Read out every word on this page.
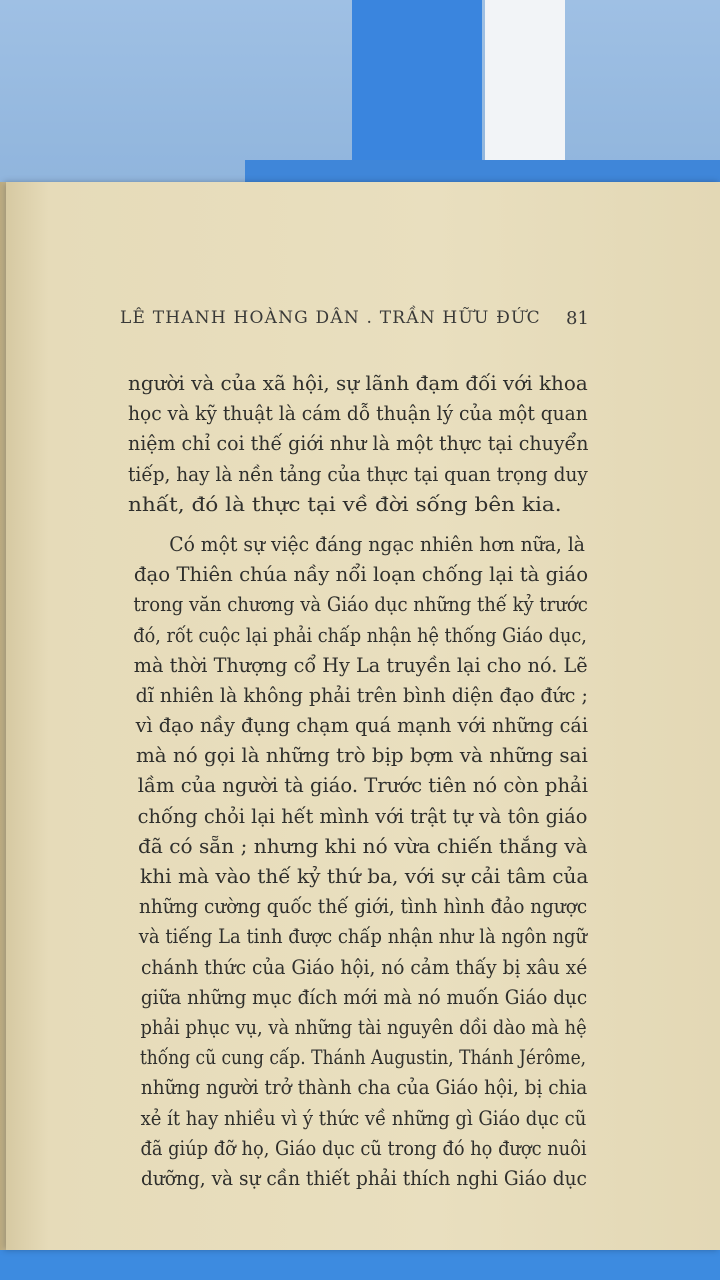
LÊ THANH HOÀNG DÂN . TRẦN HỮU ĐỨC 81
người và của xã hội, sự lãnh đạm đối với khoa
học và kỹ thuật là cám dỗ thuận lý của một quan
niệm chỉ coi thế giới như là một thực tại chuyển
tiếp, hay là nền tảng của thực tại quan trọng duy
nhất, đó là thực tại về đời sống bên kia.
Có một sự việc đáng ngạc nhiên hơn nữa, là
đạo Thiên chúa nầy nổi loạn chống lại tà giáo
trong văn chương và Giáo dục những thế kỷ trước
đó, rốt cuộc lại phải chấp nhận hệ thống Giáo dục,
mà thời Thượng cổ Hy La truyền lại cho nó. Lẽ
dĩ nhiên là không phải trên bình diện đạo đức ;
vì đạo nầy đụng chạm quá mạnh với những cái
mà nó gọi là những trò bịp bợm và những sai
lầm của người tà giáo. Trước tiên nó còn phải
chống chỏi lại hết mình với trật tự và tôn giáo
đã có sẵn ; nhưng khi nó vừa chiến thắng và
khi mà vào thế kỷ thứ ba, với sự cải tâm của
những cường quốc thế giới, tình hình đảo ngược
và tiếng La tinh được chấp nhận như là ngôn ngữ
chánh thức của Giáo hội, nó cảm thấy bị xâu xé
giữa những mục đích mới mà nó muốn Giáo dục
phải phục vụ, và những tài nguyên dồi dào mà hệ
thống cũ cung cấp. Thánh Augustin, Thánh Jérôme,
những người trở thành cha của Giáo hội, bị chia
xẻ ít hay nhiều vì ý thức về những gì Giáo dục cũ
đã giúp đỡ họ, Giáo dục cũ trong đó họ được nuôi
dưỡng, và sự cần thiết phải thích nghi Giáo dục
